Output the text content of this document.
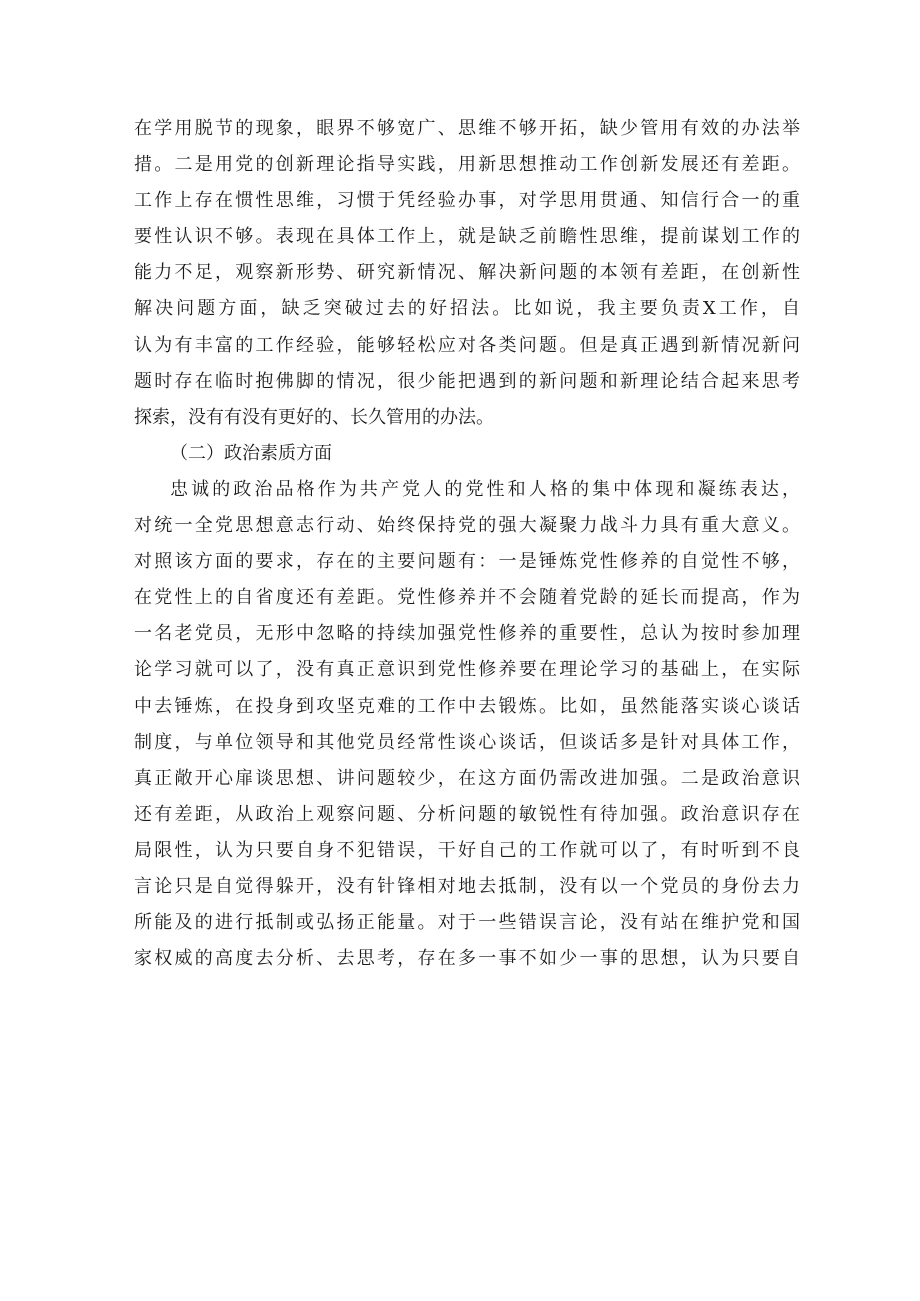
在学用脱节的现象，眼界不够宽广、思维不够开拓，缺少管用有效的办法举
措。二是用党的创新理论指导实践，用新思想推动工作创新发展还有差距。
工作上存在惯性思维，习惯于凭经验办事，对学思用贯通、知信行合一的重
要性认识不够。表现在具体工作上，就是缺乏前瞻性思维，提前谋划工作的
能力不足，观察新形势、研究新情况、解决新问题的本领有差距，在创新性
解决问题方面，缺乏突破过去的好招法。比如说，我主要负责X工作，自
认为有丰富的工作经验，能够轻松应对各类问题。但是真正遇到新情况新问
题时存在临时抱佛脚的情况，很少能把遇到的新问题和新理论结合起来思考
探索，没有有没有更好的、长久管用的办法。
（二）政治素质方面
忠诚的政治品格作为共产党人的党性和人格的集中体现和凝练表达，
对统一全党思想意志行动、始终保持党的强大凝聚力战斗力具有重大意义。
对照该方面的要求，存在的主要问题有：一是锤炼党性修养的自觉性不够，
在党性上的自省度还有差距。党性修养并不会随着党龄的延长而提高，作为
一名老党员，无形中忽略的持续加强党性修养的重要性，总认为按时参加理
论学习就可以了，没有真正意识到党性修养要在理论学习的基础上，在实际
中去锤炼，在投身到攻坚克难的工作中去锻炼。比如，虽然能落实谈心谈话
制度，与单位领导和其他党员经常性谈心谈话，但谈话多是针对具体工作，
真正敞开心扉谈思想、讲问题较少，在这方面仍需改进加强。二是政治意识
还有差距，从政治上观察问题、分析问题的敏锐性有待加强。政治意识存在
局限性，认为只要自身不犯错误，干好自己的工作就可以了，有时听到不良
言论只是自觉得躲开，没有针锋相对地去抵制，没有以一个党员的身份去力
所能及的进行抵制或弘扬正能量。对于一些错误言论，没有站在维护党和国
家权威的高度去分析、去思考，存在多一事不如少一事的思想，认为只要自
